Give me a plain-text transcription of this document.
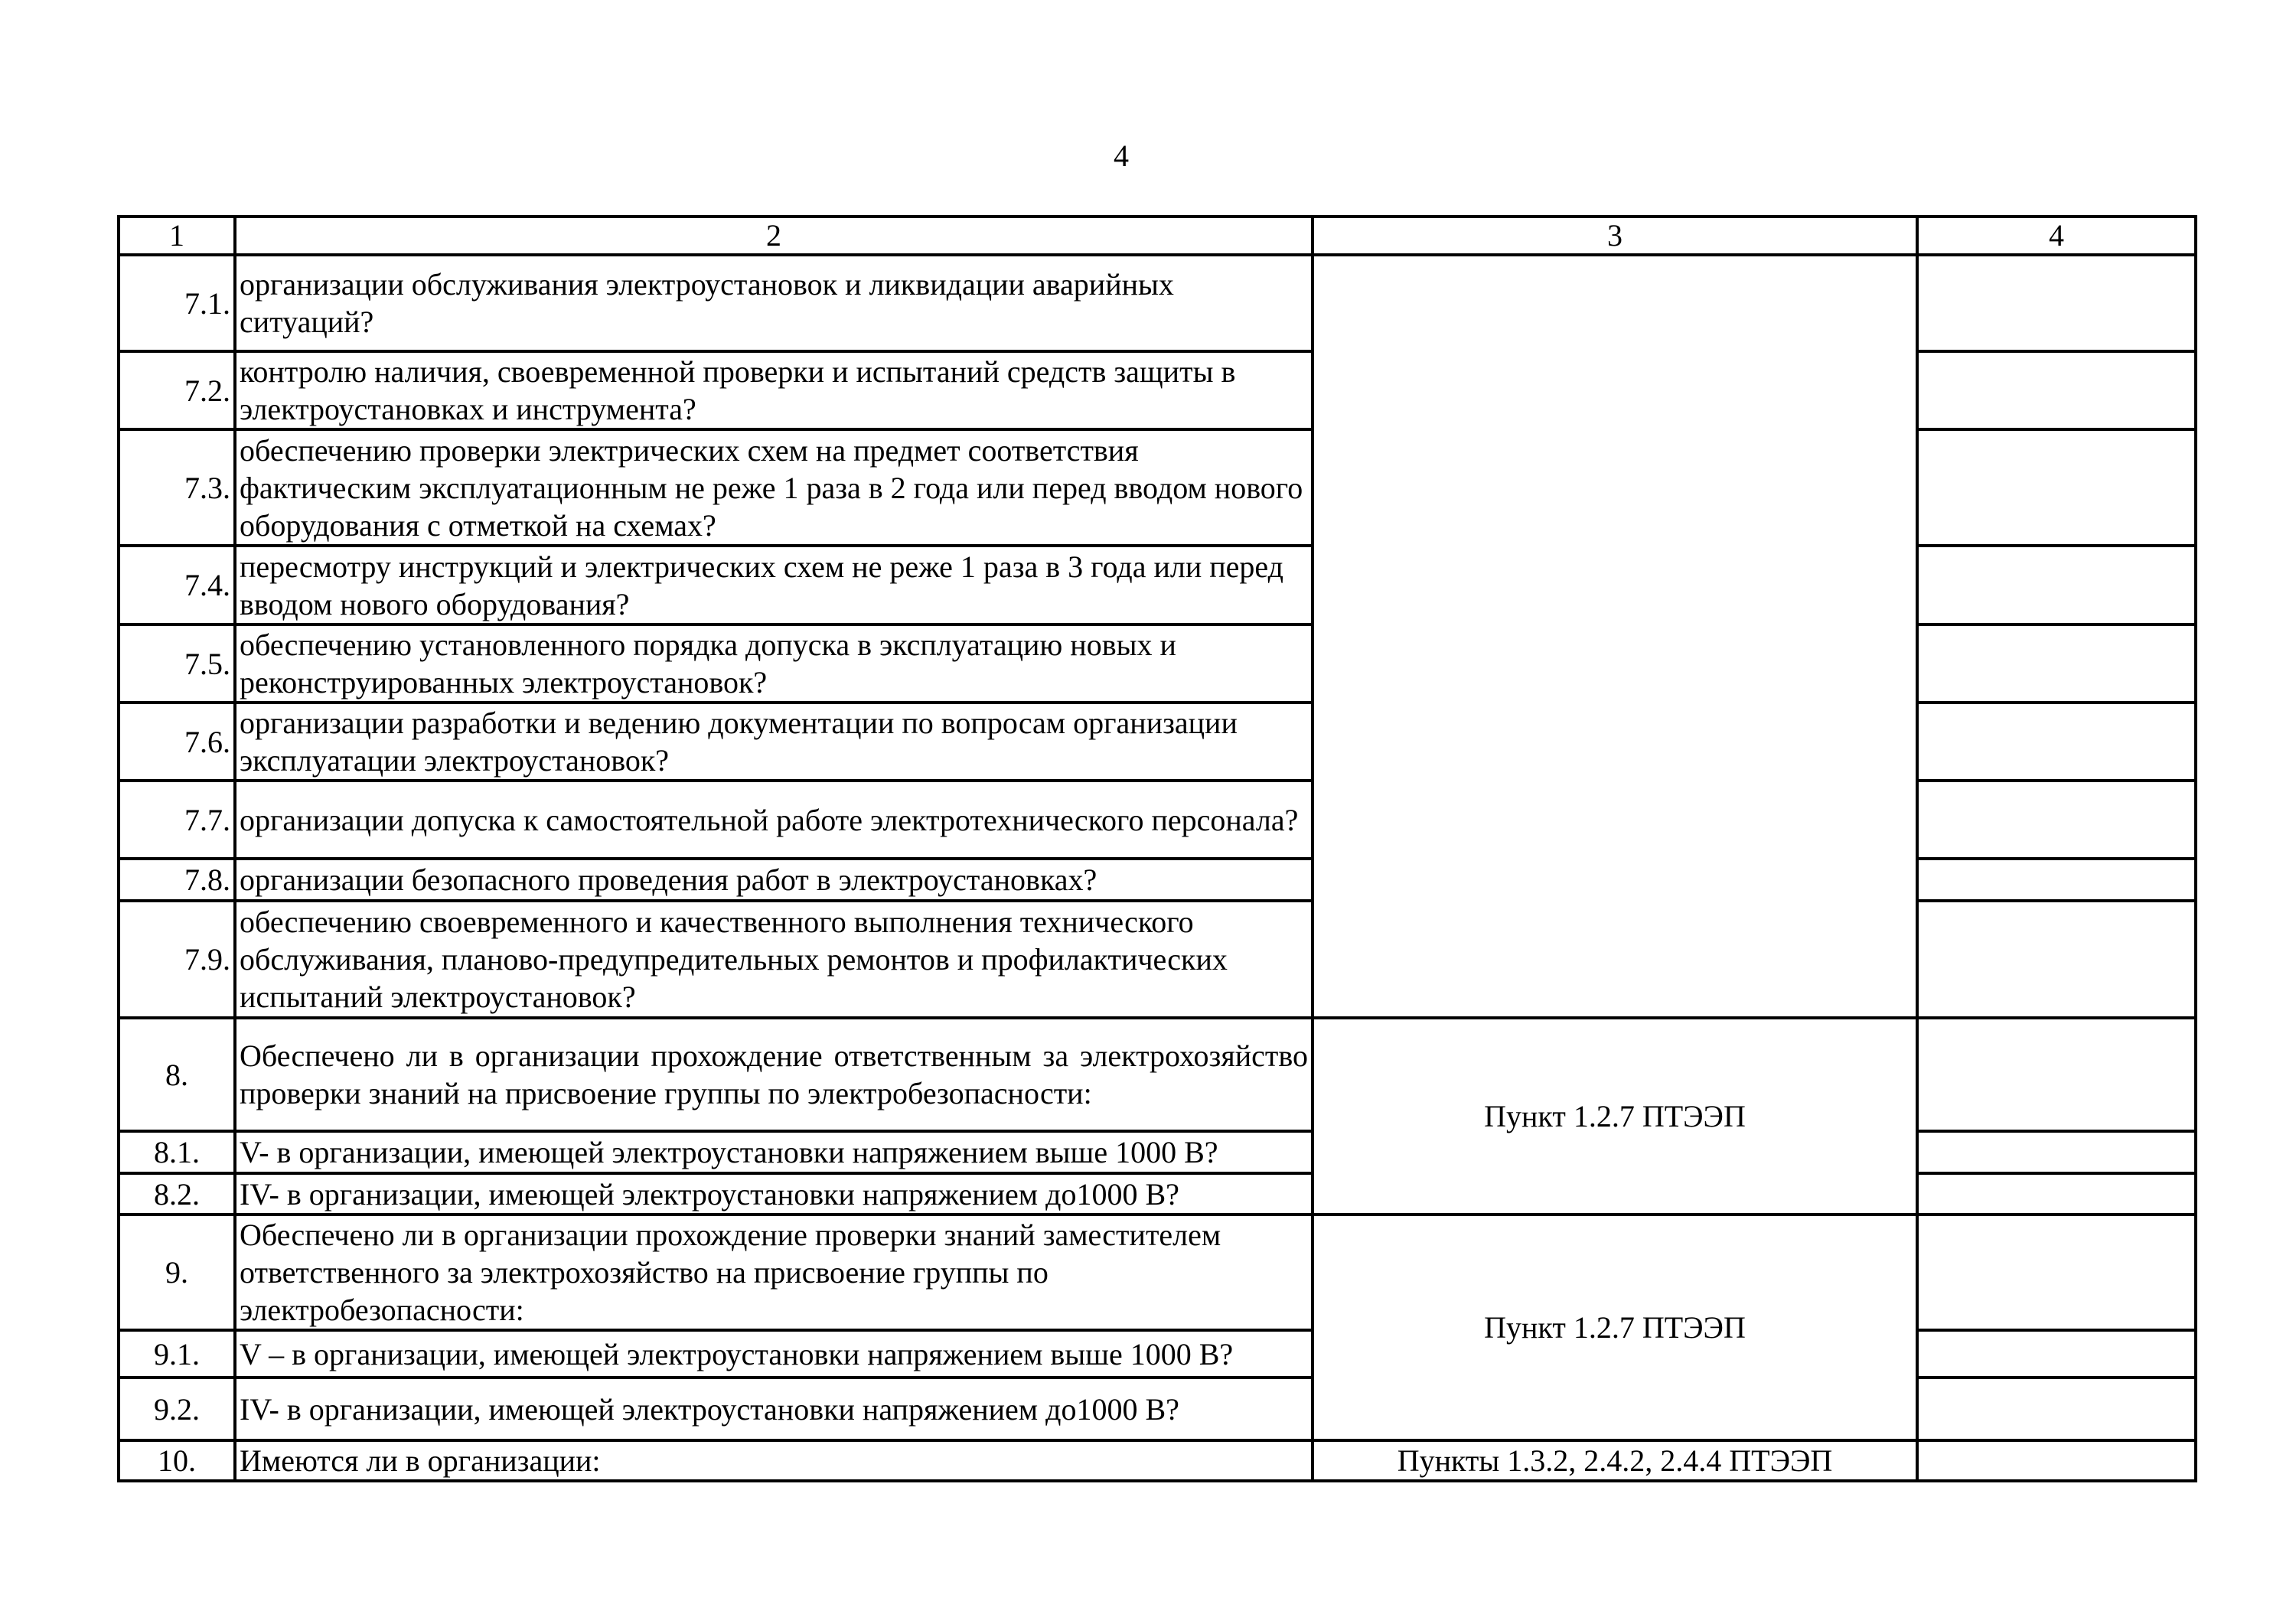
4
1	2	3	4
7.1.	организации обслуживания электроустановок и ликвидации аварийных ситуаций?		
7.2.	контролю наличия, своевременной проверки и испытаний средств защиты в электроустановках и инструмента?		
7.3.	обеспечению проверки электрических схем на предмет соответствия фактическим эксплуатационным не реже 1 раза в 2 года или перед вводом нового оборудования с отметкой на схемах?		
7.4.	пересмотру инструкций и электрических схем не реже 1 раза в 3 года или перед вводом нового оборудования?		
7.5.	обеспечению установленного порядка допуска в эксплуатацию новых и реконструированных электроустановок?		
7.6.	организации разработки и ведению документации по вопросам организации эксплуатации электроустановок?		
7.7.	организации допуска к самостоятельной работе электротехнического персонала?		
7.8.	организации безопасного проведения работ в электроустановках?		
7.9.	обеспечению своевременного и качественного выполнения технического обслуживания, планово-предупредительных ремонтов и профилактических испытаний электроустановок?		
8.	Обеспечено ли в организации прохождение ответственным за электрохозяйство проверки знаний на присвоение группы по электробезопасности:	Пункт 1.2.7 ПТЭЭП	
8.1.	V- в организации, имеющей электроустановки напряжением выше 1000 В?		
8.2.	IV- в организации, имеющей электроустановки напряжением до1000 В?		
9.	Обеспечено ли в организации прохождение проверки знаний заместителем ответственного за электрохозяйство на присвоение группы по электробезопасности:	Пункт 1.2.7 ПТЭЭП	
9.1.	V – в организации, имеющей электроустановки напряжением выше 1000 В?		
9.2.	IV- в организации, имеющей электроустановки напряжением до1000 В?		
10.	Имеются ли в организации:	Пункты 1.3.2, 2.4.2, 2.4.4 ПТЭЭП	
